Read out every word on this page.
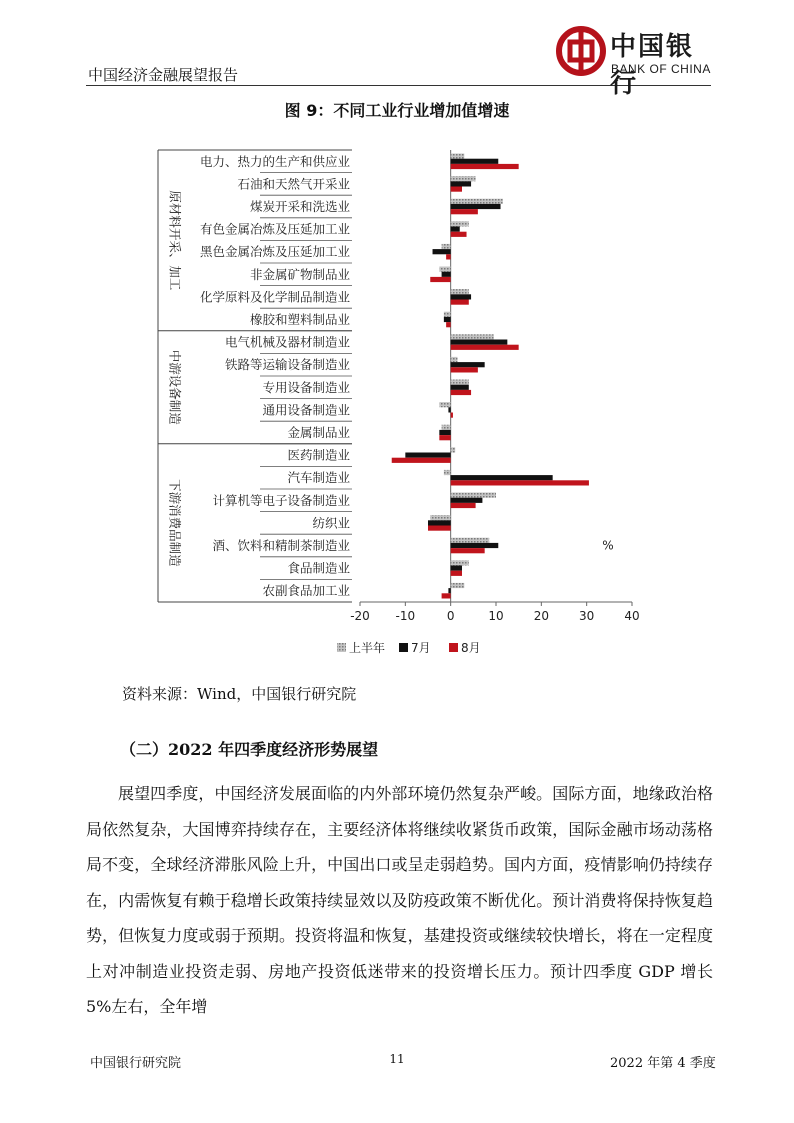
中国经济金融展望报告
中国银行
BANK OF CHINA
图 9：不同工业行业增加值增速
原材料开采、加工
中游设备制造
下游消费品制造
电力、热力的生产和供应业
石油和天然气开采业
煤炭开采和洗选业
有色金属冶炼及压延加工业
黑色金属冶炼及压延加工业
非金属矿物制品业
化学原料及化学制品制造业
橡胶和塑料制品业
电气机械及器材制造业
铁路等运输设备制造业
专用设备制造业
通用设备制造业
金属制品业
医药制造业
汽车制造业
计算机等电子设备制造业
纺织业
酒、饮料和精制茶制造业
食品制造业
农副食品加工业
-20 -10	0	10	20	30	40
%
上半年 7月	8月
资料来源：Wind，中国银行研究院
（二）2022 年四季度经济形势展望
展望四季度，中国经济发展面临的内外部环境仍然复杂严峻。国际方面，地缘政治格局依然复杂，大国博弈持续存在，主要经济体将继续收紧货币政策，国际金融市场动荡格局不变，全球经济滞胀风险上升，中国出口或呈走弱趋势。国内方面，疫情影响仍持续存在，内需恢复有赖于稳增长政策持续显效以及防疫政策不断优化。预计消费将保持恢复趋势，但恢复力度或弱于预期。投资将温和恢复，基建投资或继续较快增长，将在一定程度上对冲制造业投资走弱、房地产投资低迷带来的投资增长压力。预计四季度 GDP 增长 5%左右，全年增
中国银行研究院	11	2022 年第 4 季度
